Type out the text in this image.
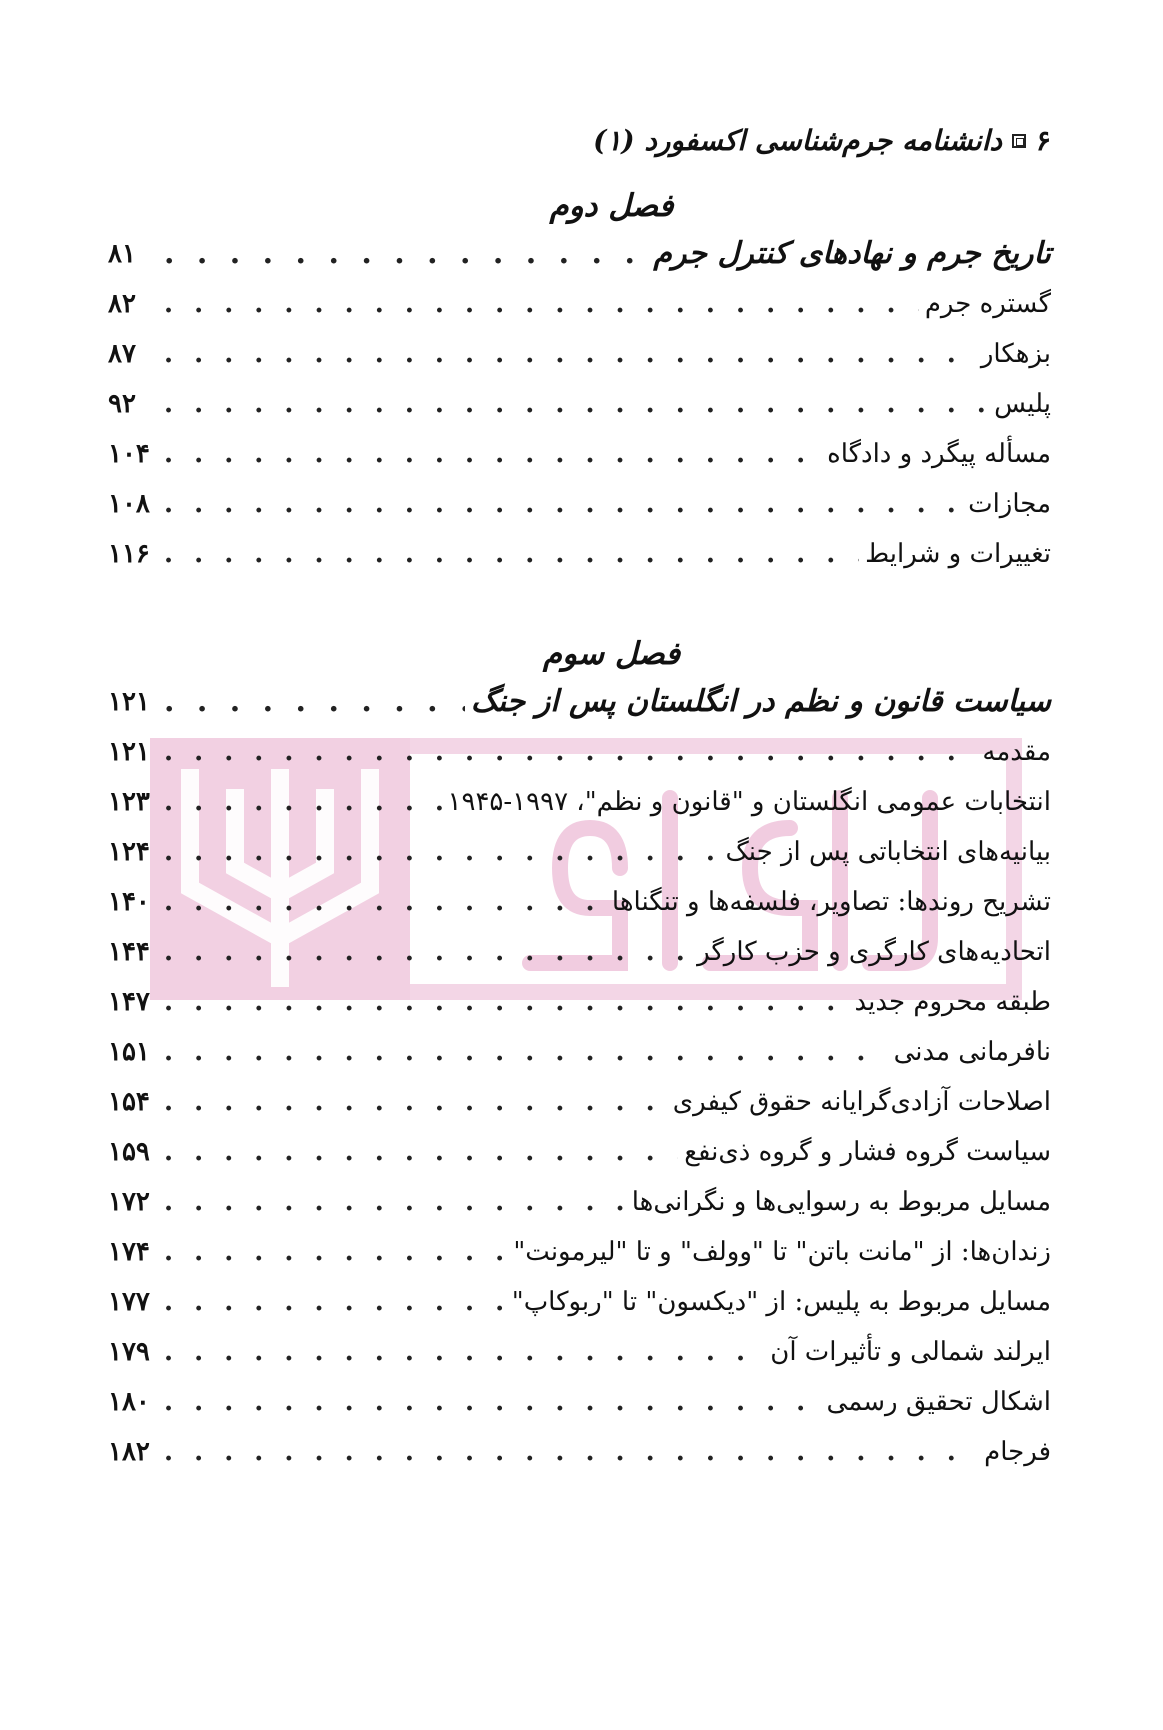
۶
دانشنامه جرم‌شناسی اکسفورد (۱)
فصل دوم
تاریخ جرم و نهادهای کنترل جرم
. . .
۸۱
گستره جرم
. . .
۸۲
بزهکار
. . .
۸۷
پلیس
. . .
۹۲
مسأله پیگرد و دادگاه
. . .
۱۰۴
مجازات
. . .
۱۰۸
تغییرات و شرایط
. . .
۱۱۶
فصل سوم
سیاست قانون و نظم در انگلستان پس از جنگ
. . .
۱۲۱
مقدمه
. . .
۱۲۱
انتخابات عمومی انگلستان و "قانون و نظم"، ۱۹۹۷-۱۹۴۵
. . .
۱۲۳
بیانیه‌های انتخاباتی پس از جنگ
. . .
۱۲۴
تشریح روندها: تصاویر، فلسفه‌ها و تنگناها
. . .
۱۴۰
اتحادیه‌های کارگری و حزب کارگر
. . .
۱۴۴
طبقه محروم جدید
. . .
۱۴۷
نافرمانی مدنی
. . .
۱۵۱
اصلاحات آزادی‌گرایانه حقوق کیفری
. . .
۱۵۴
سیاست گروه فشار و گروه ذی‌نفع
. . .
۱۵۹
مسایل مربوط به رسوایی‌ها و نگرانی‌ها
. . .
۱۷۲
زندان‌ها: از "مانت باتن" تا "وولف" و تا "لیرمونت"
. . .
۱۷۴
مسایل مربوط به پلیس: از "دیکسون" تا "ربوکاپ"
. . .
۱۷۷
ایرلند شمالی و تأثیرات آن
. . .
۱۷۹
اشکال تحقیق رسمی
. . .
۱۸۰
فرجام
. . .
۱۸۲
